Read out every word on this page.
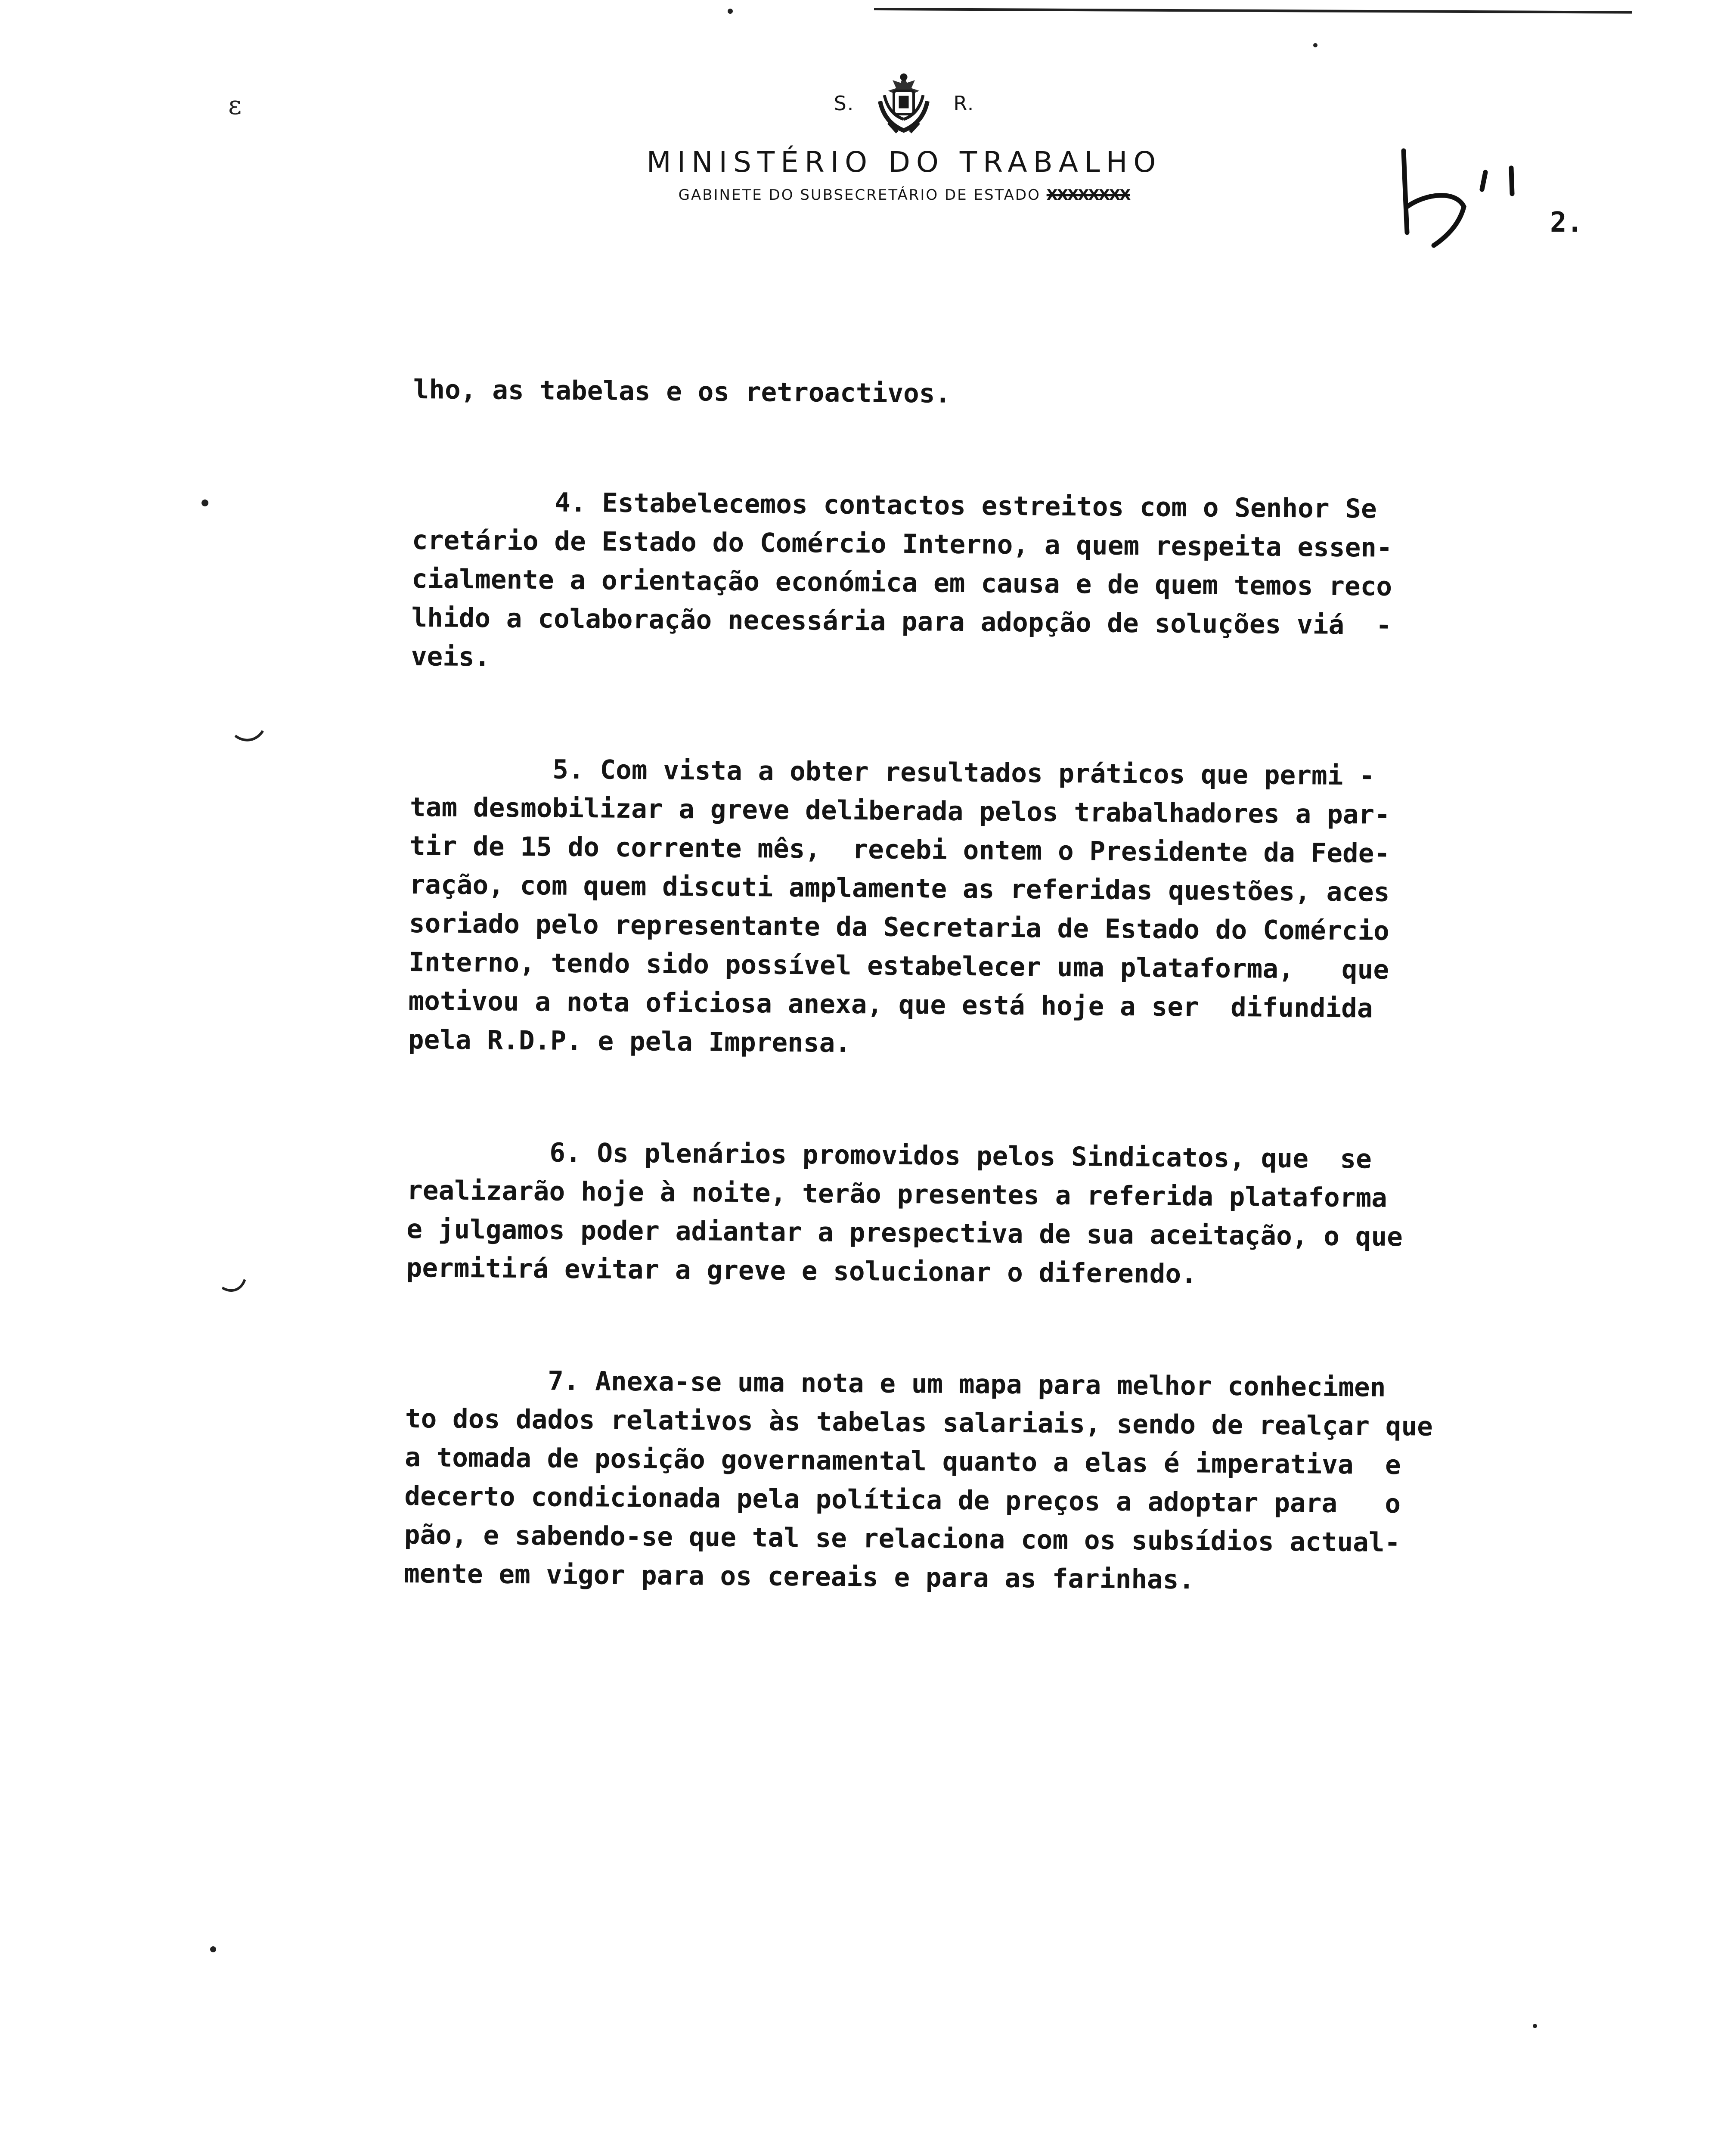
ɛ	S.	R.
MINISTÉRIO DO TRABALHO
GABINETE DO SUBSECRETÁRIO DE ESTADO XXXXXXXX
2.
lho, as tabelas e os retroactivos.
4. Estabelecemos contactos estreitos com o Senhor Se
cretário de Estado do Comércio Interno, a quem respeita essen-
cialmente a orientação económica em causa e de quem temos reco
lhido a colaboração necessária para adopção de soluções viá  -
veis.
5. Com vista a obter resultados práticos que permi -
tam desmobilizar a greve deliberada pelos trabalhadores a par-
tir de 15 do corrente mês,  recebi ontem o Presidente da Fede-
ração, com quem discuti amplamente as referidas questões, aces
soriado pelo representante da Secretaria de Estado do Comércio
Interno, tendo sido possível estabelecer uma plataforma,   que
motivou a nota oficiosa anexa, que está hoje a ser  difundida
pela R.D.P. e pela Imprensa.
6. Os plenários promovidos pelos Sindicatos, que  se
realizarão hoje à noite, terão presentes a referida plataforma
e julgamos poder adiantar a prespectiva de sua aceitação, o que
permitirá evitar a greve e solucionar o diferendo.
7. Anexa-se uma nota e um mapa para melhor conhecimen
to dos dados relativos às tabelas salariais, sendo de realçar que
a tomada de posição governamental quanto a elas é imperativa  e
decerto condicionada pela política de preços a adoptar para   o
pão, e sabendo-se que tal se relaciona com os subsídios actual-
mente em vigor para os cereais e para as farinhas.
